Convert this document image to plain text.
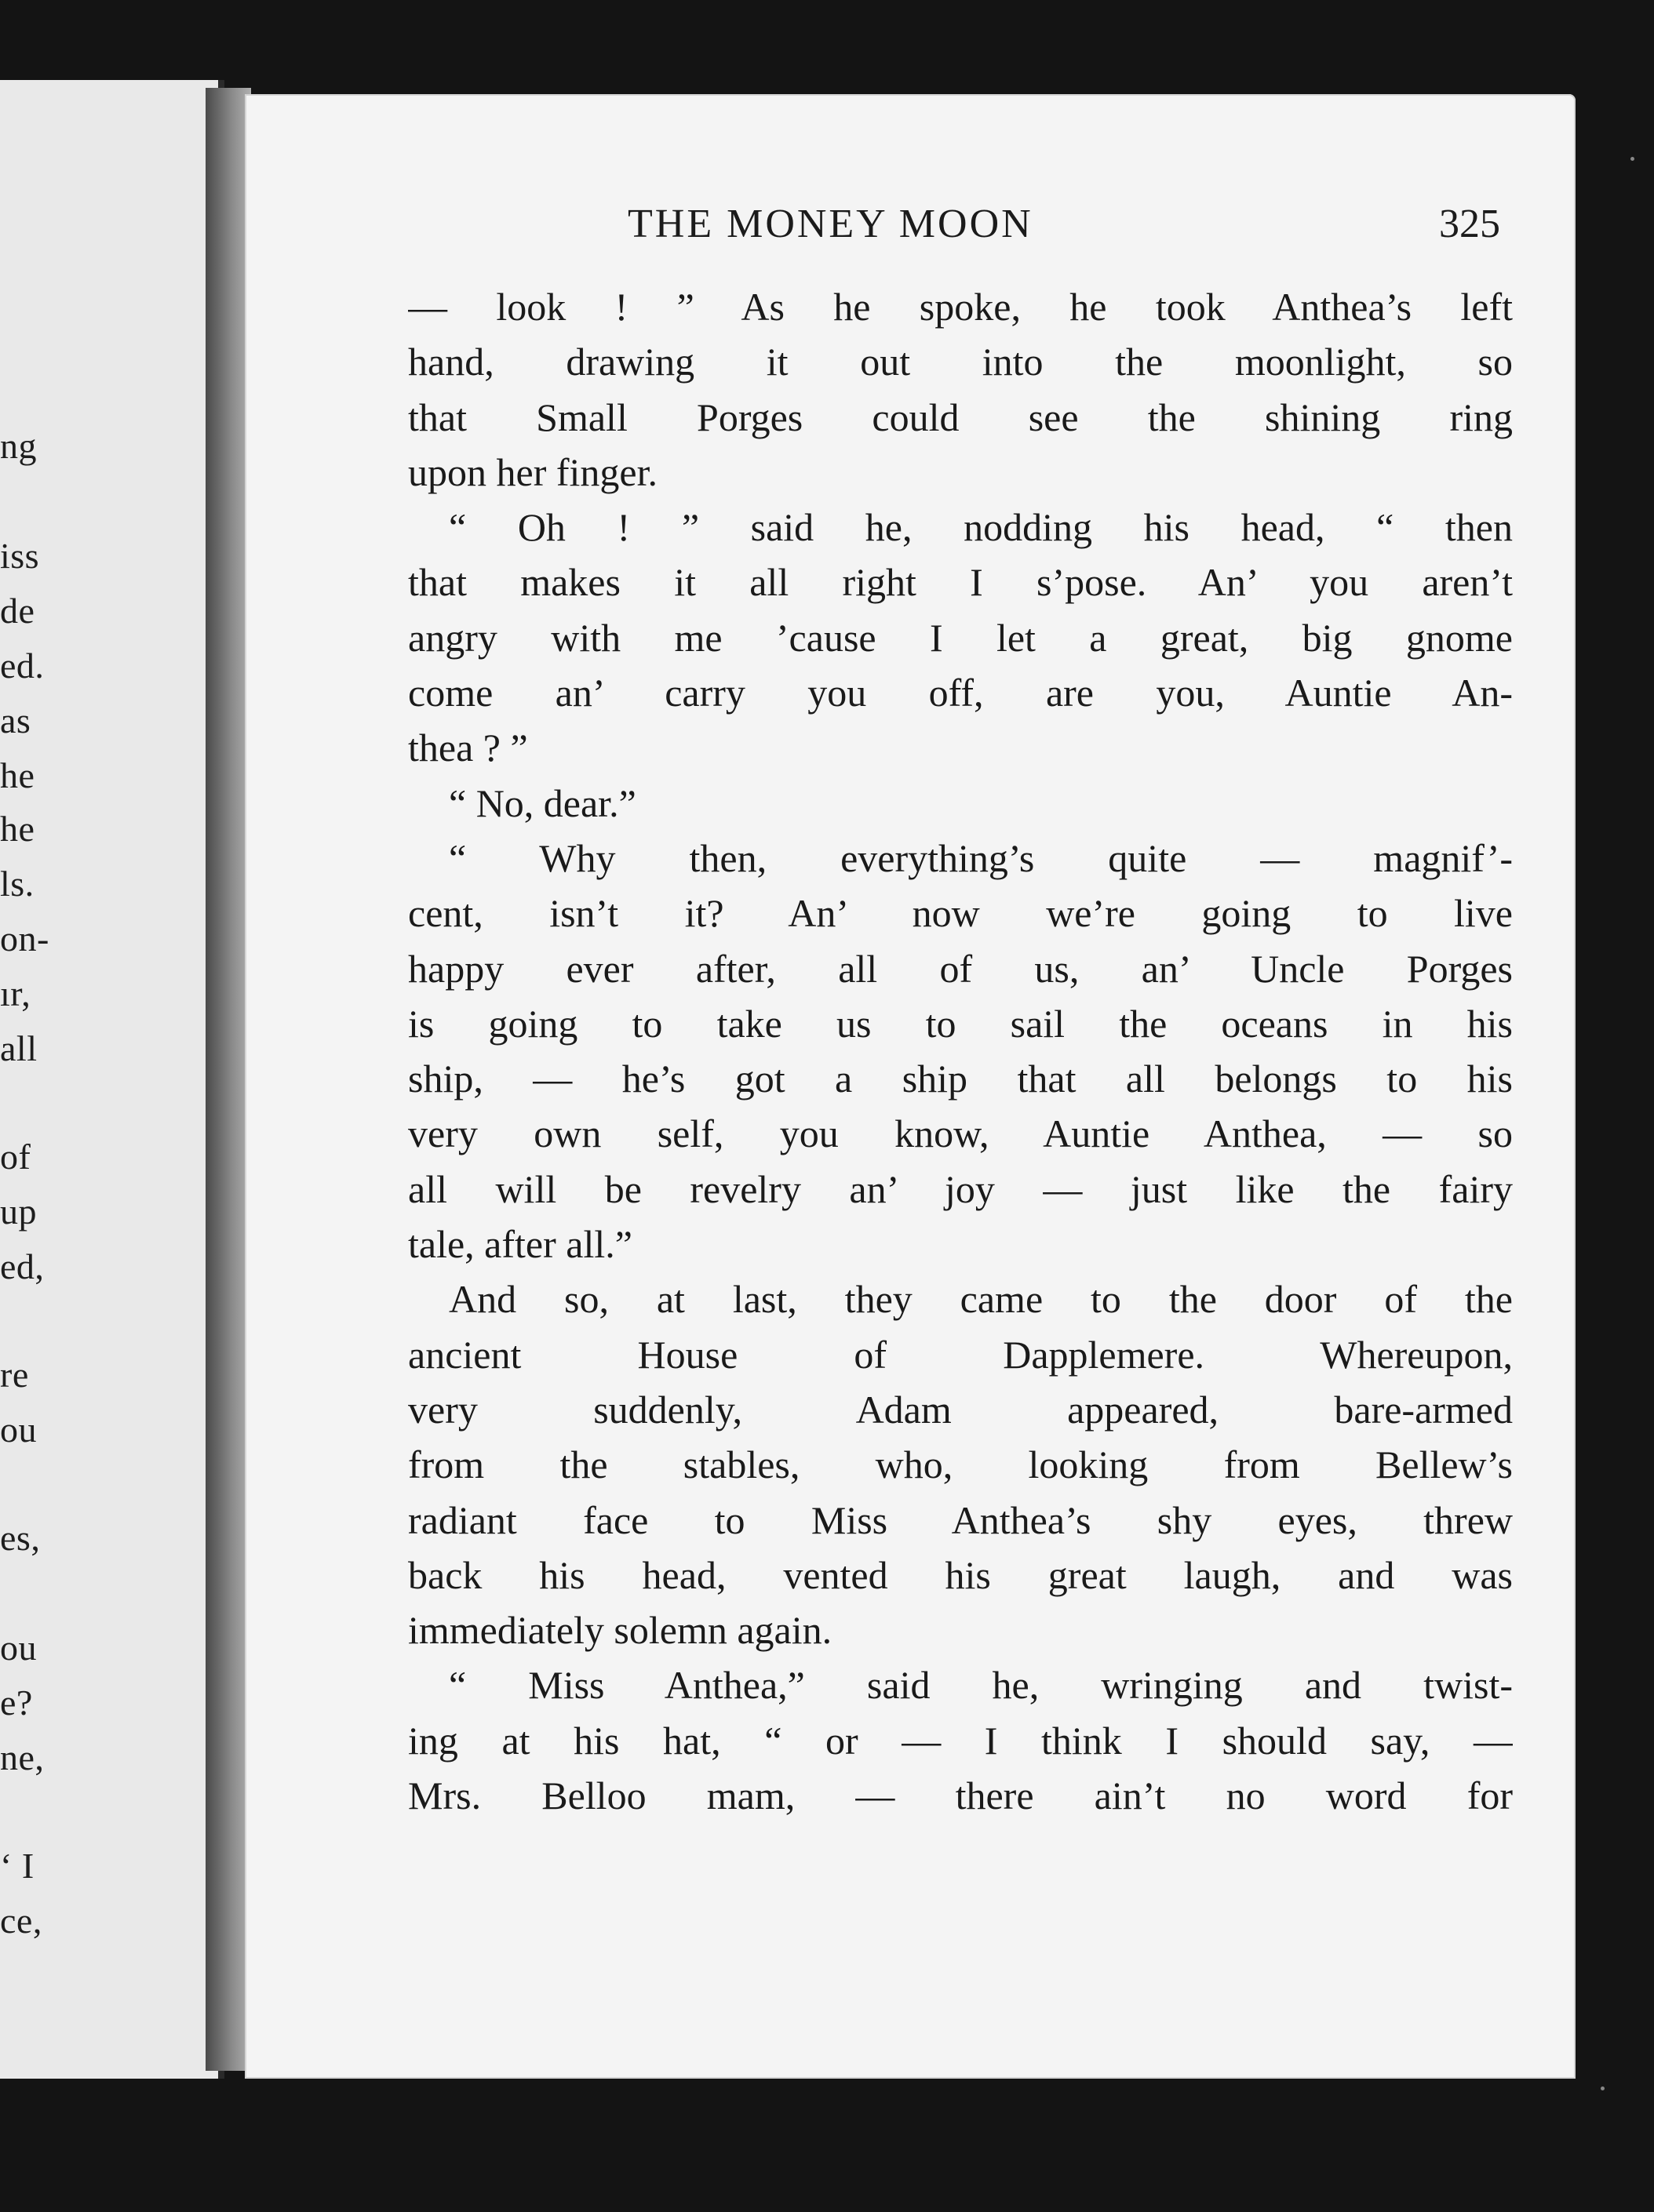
ng
iss
de
ed.
as
he
he
ls.
on-
ır,
all
of
up
ed,
re
ou
es,
ou
e?
ne,
‘ I
ce,
THE MONEY MOON	325
— look ! ” As he spoke, he took Anthea’s left
hand, drawing it out into the moonlight, so
that Small Porges could see the shining ring
upon her finger.
“ Oh ! ” said he, nodding his head, “ then
that makes it all right I s’pose. An’ you aren’t
angry with me ’cause I let a great, big gnome
come an’ carry you off, are you, Auntie An-
thea ? ”
“ No, dear.”
“ Why then, everything’s quite — magnif’-
cent, isn’t it? An’ now we’re going to live
happy ever after, all of us, an’ Uncle Porges
is going to take us to sail the oceans in his
ship, — he’s got a ship that all belongs to his
very own self, you know, Auntie Anthea, — so
all will be revelry an’ joy — just like the fairy
tale, after all.”
And so, at last, they came to the door of the
ancient House of Dapplemere. Whereupon,
very suddenly, Adam appeared, bare-armed
from the stables, who, looking from Bellew’s
radiant face to Miss Anthea’s shy eyes, threw
back his head, vented his great laugh, and was
immediately solemn again.
“ Miss Anthea,” said he, wringing and twist-
ing at his hat, “ or — I think I should say, —
Mrs. Belloo mam, — there ain’t no word for
